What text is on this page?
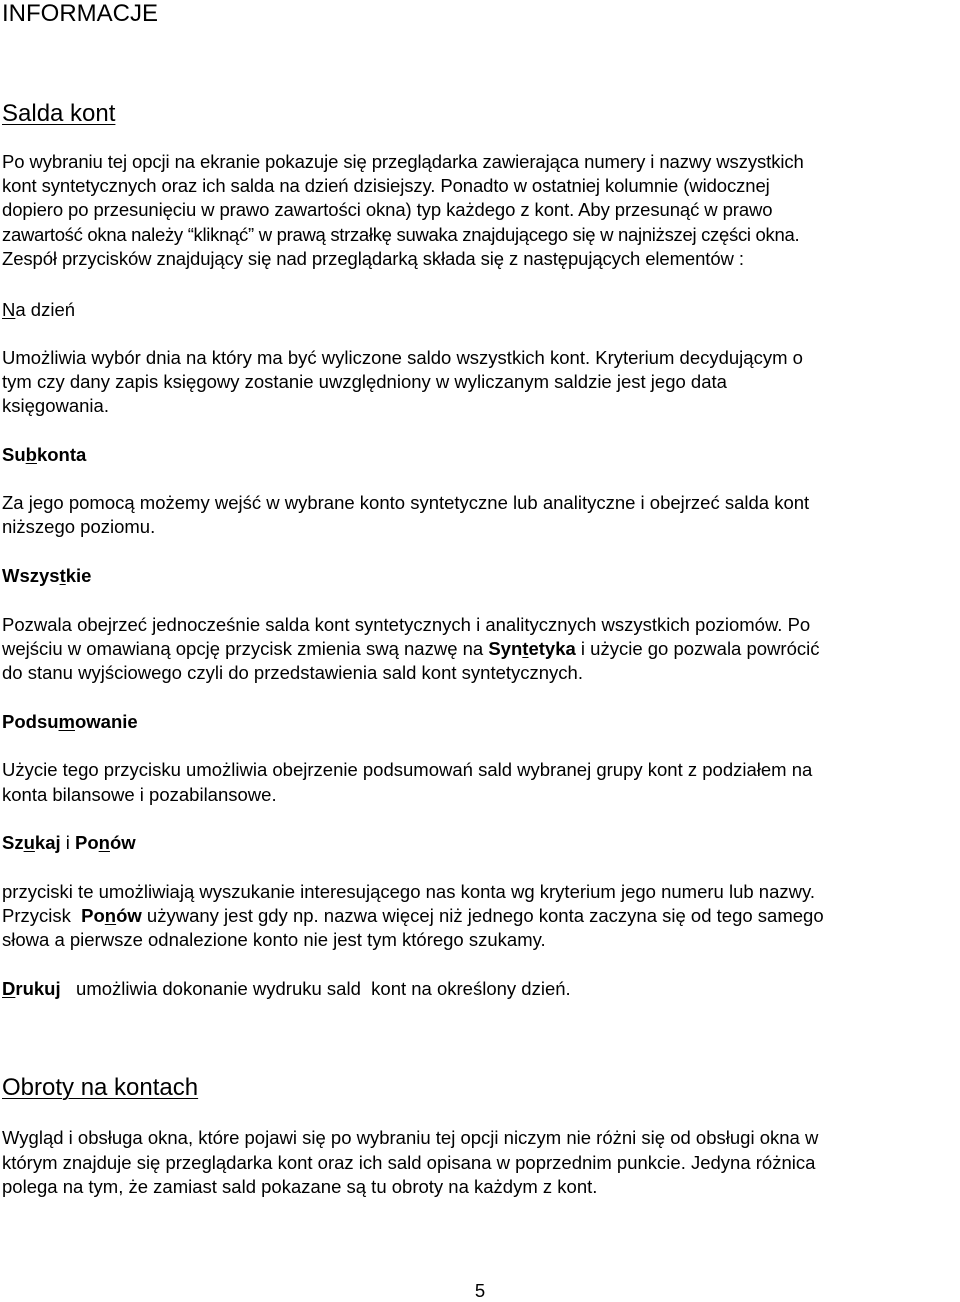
INFORMACJE
Salda kont

Po wybraniu tej opcji na ekranie pokazuje się przeglądarka zawierająca numery i nazwy wszystkich

kont syntetycznych oraz ich salda na dzień dzisiejszy. Ponadto w ostatniej kolumnie (widocznej

dopiero po przesunięciu w prawo zawartości okna) typ każdego z kont. Aby przesunąć w prawo

zawartość okna należy “kliknąć” w prawą strzałkę suwaka znajdującego się w najniższej części okna.

Zespół przycisków znajdujący się nad przeglądarką składa się z następujących elementów :

Na dzień

Umożliwia wybór dnia na który ma być wyliczone saldo wszystkich kont. Kryterium decydującym o

tym czy dany zapis księgowy zostanie uwzględniony w wyliczanym saldzie jest jego data

księgowania.

Subkonta

Za jego pomocą możemy wejść w wybrane konto syntetyczne lub analityczne i obejrzeć salda kont

niższego poziomu.

Wszystkie

Pozwala obejrzeć jednocześnie salda kont syntetycznych i analitycznych wszystkich poziomów. Po

wejściu w omawianą opcję przycisk zmienia swą nazwę na Syntetyka i użycie go pozwala powrócić

do stanu wyjściowego czyli do przedstawienia sald kont syntetycznych.

Podsumowanie

Użycie tego przycisku umożliwia obejrzenie podsumowań sald wybranej grupy kont z podziałem na

konta bilansowe i pozabilansowe.

Szukaj i Ponów

przyciski te umożliwiają wyszukanie interesującego nas konta wg kryterium jego numeru lub nazwy.

Przycisk  Ponów używany jest gdy np. nazwa więcej niż jednego konta zaczyna się od tego samego

słowa a pierwsze odnalezione konto nie jest tym którego szukamy.

Drukuj   umożliwia dokonanie wydruku sald  kont na określony dzień.

Obroty na kontach

Wygląd i obsługa okna, które pojawi się po wybraniu tej opcji niczym nie różni się od obsługi okna w

którym znajduje się przeglądarka kont oraz ich sald opisana w poprzednim punkcie. Jedyna różnica

polega na tym, że zamiast sald pokazane są tu obroty na każdym z kont.

5
